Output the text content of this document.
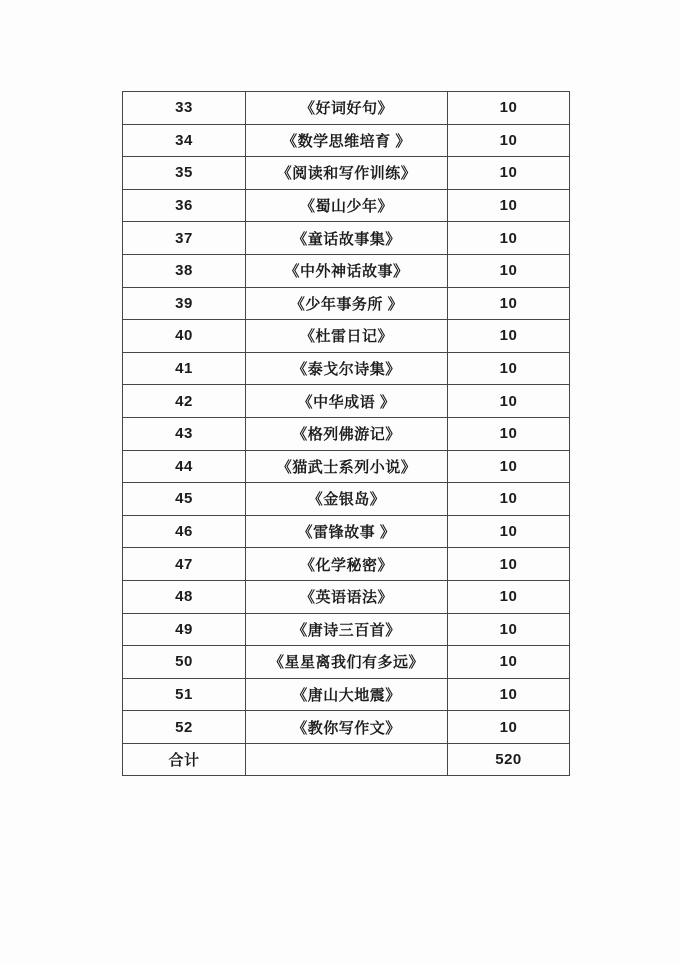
33	《好词好句》	10
34	《数学思维培育 》	10
35	《阅读和写作训练》	10
36	《蜀山少年》	10
37	《童话故事集》	10
38	《中外神话故事》	10
39	《少年事务所 》	10
40	《杜雷日记》	10
41	《泰戈尔诗集》	10
42	《中华成语 》	10
43	《格列佛游记》	10
44	《猫武士系列小说》	10
45	《金银岛》	10
46	《雷锋故事 》	10
47	《化学秘密》	10
48	《英语语法》	10
49	《唐诗三百首》	10
50	《星星离我们有多远》	10
51	《唐山大地震》	10
52	《教你写作文》	10
合计		520
